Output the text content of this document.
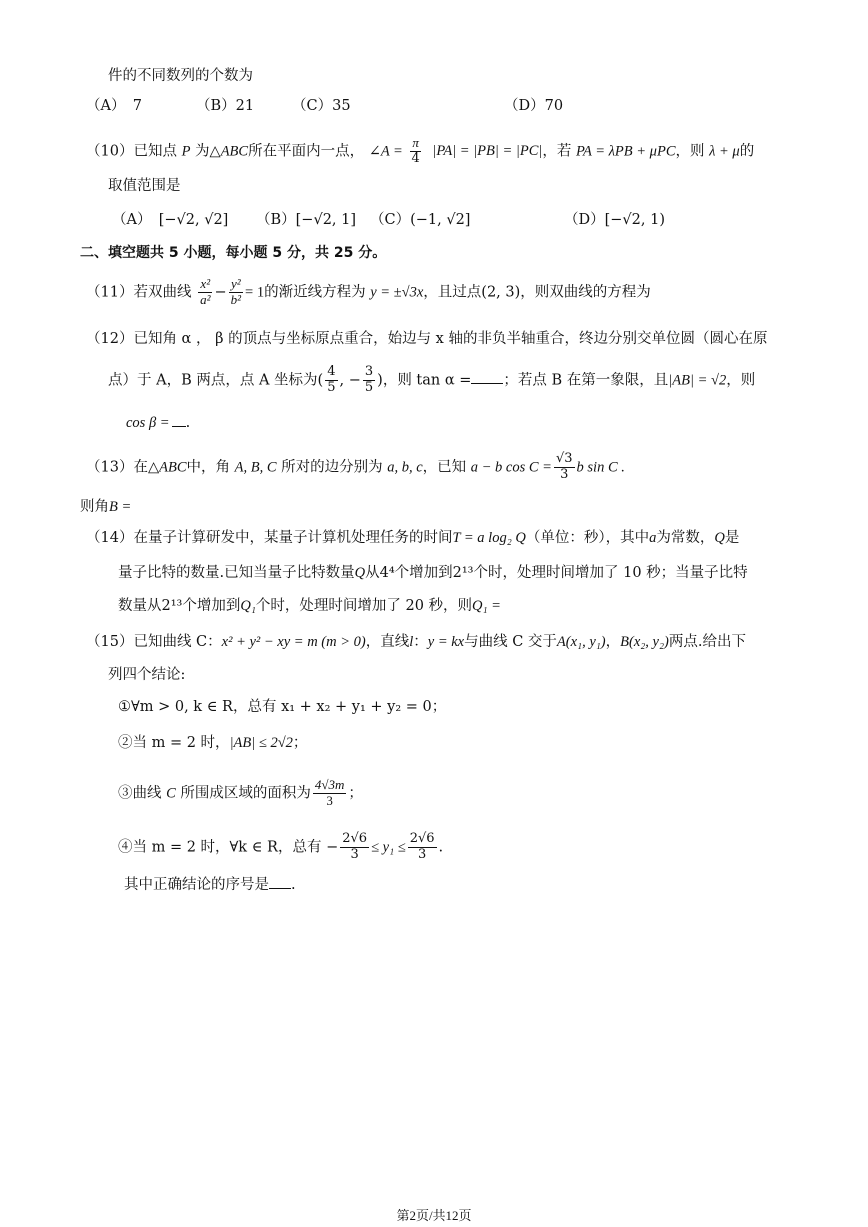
件的不同数列的个数为
（A）　7	（B）21	（C）35	（D）70
（10）已知点 P 为△ABC所在平面内一点， ∠A = $\frac{\pi}{4} |PA| = |PB| = |PC|$，若 PA = λPB + μPC，则 λ + μ的
取值范围是
（A）　[−√2, √2] （B）[−√2, 1] （C）(−1, √2]	（D）[−√2, 1)
二、填空题共 5 小题，每小题 5 分，共 25 分。
（11）若双曲线 $\frac{\text{x²}}{\text{a²}} - \frac{\text{y²}}{\text{b²}} = 1$的渐近线方程为 y = ±√3x，且过点(2, 3)，则双曲线的方程为
（12）已知角 α ， β 的顶点与坐标原点重合，始边与 x 轴的非负半轴重合，终边分别交单位圆（圆心在原
点）于 A，B 两点，点 A 坐标为( $\frac{4}{5}$ , − $\frac{3}{5}$ )，则 tan α = ；若点 B 在第一象限，且|AB| = √2，则
cos β = .
（13）在△ABC中，角 A, B, C 所对的边分别为 a, b, c，已知 a − b $\cos C = \frac{√3}{3}$ b sin C .
则角B =
（14）在量子计算研发中，某量子计算机处理任务的时间T = a log₂ Q（单位：秒），其中a为常数，Q是
量子比特的数量.已知当量子比特数量Q从4⁴个增加到2¹³个时，处理时间增加了 10 秒；当量子比特
数量从2¹³个增加到Q₁个时，处理时间增加了 20 秒，则Q₁ =
（15）已知曲线 C：x² + y² − xy = m (m > 0)，直线l：y = kx与曲线 C 交于A(x₁, y₁)，B(x₂, y₂)两点.给出下
列四个结论:
①∀m > 0, k ∈ R，总有 x₁ + x₂ + y₁ + y₂ = 0；
②当 m = 2 时，|AB| ≤ 2√2；
③曲线 C 所围成区域的面积为 $\frac{4√3m}{3}$ ；
④当 m = 2 时，∀k ∈ R，总有 − $\frac{2√6}{3} \le y_1 \le \frac{2√6}{3}$ .
其中正确结论的序号是 .
第2页/共12页
